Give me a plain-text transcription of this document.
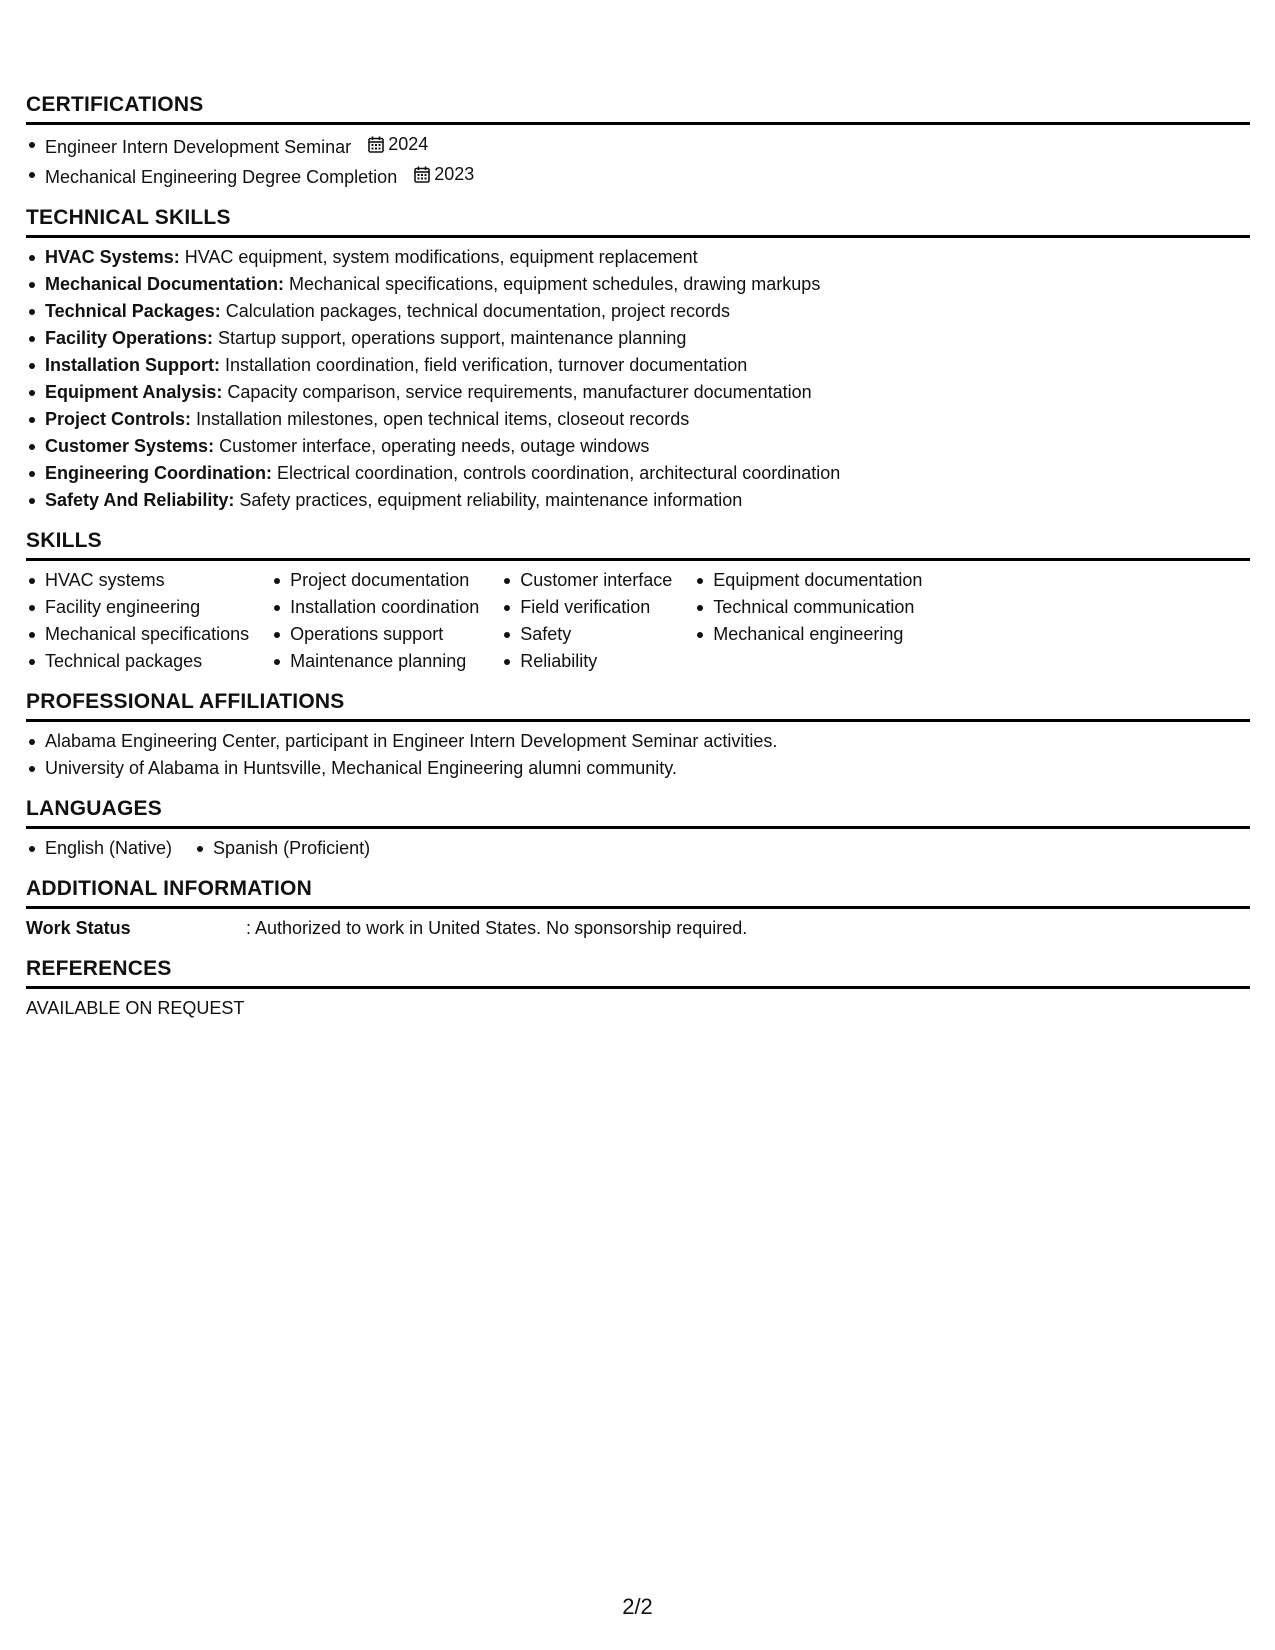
CERTIFICATIONS
Engineer Intern Development Seminar 2024
Mechanical Engineering Degree Completion 2023
TECHNICAL SKILLS
HVAC Systems: HVAC equipment, system modifications, equipment replacement
Mechanical Documentation: Mechanical specifications, equipment schedules, drawing markups
Technical Packages: Calculation packages, technical documentation, project records
Facility Operations: Startup support, operations support, maintenance planning
Installation Support: Installation coordination, field verification, turnover documentation
Equipment Analysis: Capacity comparison, service requirements, manufacturer documentation
Project Controls: Installation milestones, open technical items, closeout records
Customer Systems: Customer interface, operating needs, outage windows
Engineering Coordination: Electrical coordination, controls coordination, architectural coordination
Safety And Reliability: Safety practices, equipment reliability, maintenance information
SKILLS
HVAC systems
Facility engineering
Mechanical specifications
Technical packages
Project documentation
Installation coordination
Operations support
Maintenance planning
Customer interface
Field verification
Safety
Reliability
Equipment documentation
Technical communication
Mechanical engineering
PROFESSIONAL AFFILIATIONS
Alabama Engineering Center, participant in Engineer Intern Development Seminar activities.
University of Alabama in Huntsville, Mechanical Engineering alumni community.
LANGUAGES
English (Native)	Spanish (Proficient)
ADDITIONAL INFORMATION
Work Status	: Authorized to work in United States. No sponsorship required.
REFERENCES
AVAILABLE ON REQUEST
2/2
